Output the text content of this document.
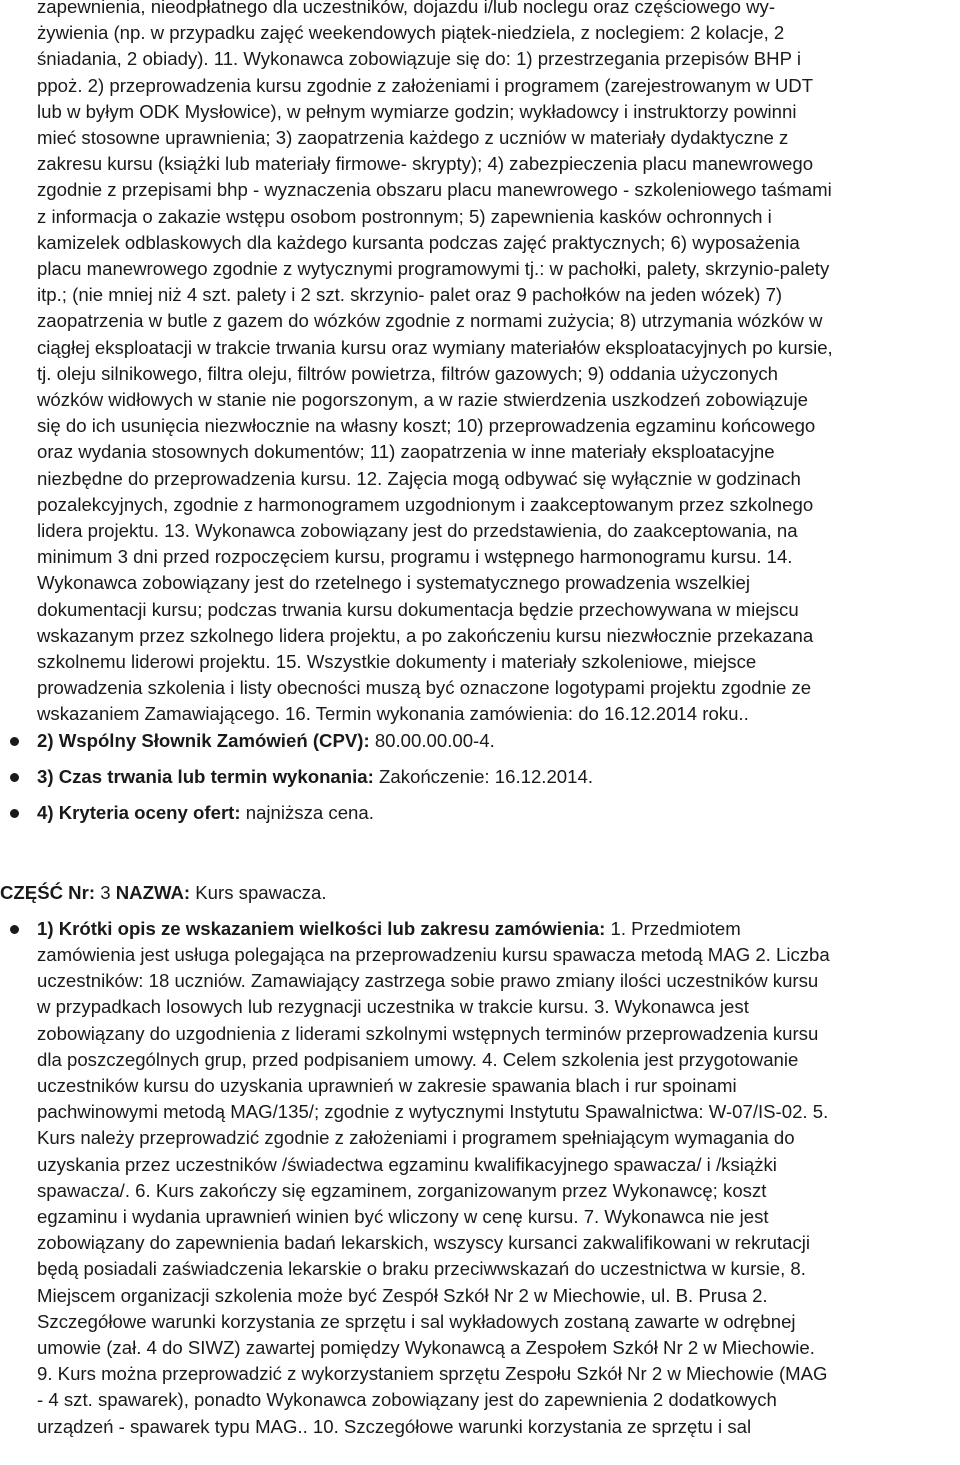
zapewnienia, nieodpłatnego dla uczestników, dojazdu i/lub noclegu oraz częściowego wy-
żywienia (np. w przypadku zajęć weekendowych piątek-niedziela, z noclegiem: 2 kolacje, 2
śniadania, 2 obiady). 11. Wykonawca zobowiązuje się do: 1) przestrzegania przepisów BHP i
ppoż. 2) przeprowadzenia kursu zgodnie z założeniami i programem (zarejestrowanym w UDT
lub w byłym ODK Mysłowice), w pełnym wymiarze godzin; wykładowcy i instruktorzy powinni
mieć stosowne uprawnienia; 3) zaopatrzenia każdego z uczniów w materiały dydaktyczne z
zakresu kursu (książki lub materiały firmowe- skrypty); 4) zabezpieczenia placu manewrowego
zgodnie z przepisami bhp - wyznaczenia obszaru placu manewrowego - szkoleniowego taśmami
z informacja o zakazie wstępu osobom postronnym; 5) zapewnienia kasków ochronnych i
kamizelek odblaskowych dla każdego kursanta podczas zajęć praktycznych; 6) wyposażenia
placu manewrowego zgodnie z wytycznymi programowymi tj.: w pachołki, palety, skrzynio-palety
itp.; (nie mniej niż 4 szt. palety i 2 szt. skrzynio- palet oraz 9 pachołków na jeden wózek) 7)
zaopatrzenia w butle z gazem do wózków zgodnie z normami zużycia; 8) utrzymania wózków w
ciągłej eksploatacji w trakcie trwania kursu oraz wymiany materiałów eksploatacyjnych po kursie,
tj. oleju silnikowego, filtra oleju, filtrów powietrza, filtrów gazowych; 9) oddania użyczonych
wózków widłowych w stanie nie pogorszonym, a w razie stwierdzenia uszkodzeń zobowiązuje
się do ich usunięcia niezwłocznie na własny koszt; 10) przeprowadzenia egzaminu końcowego
oraz wydania stosownych dokumentów; 11) zaopatrzenia w inne materiały eksploatacyjne
niezbędne do przeprowadzenia kursu. 12. Zajęcia mogą odbywać się wyłącznie w godzinach
pozalekcyjnych, zgodnie z harmonogramem uzgodnionym i zaakceptowanym przez szkolnego
lidera projektu. 13. Wykonawca zobowiązany jest do przedstawienia, do zaakceptowania, na
minimum 3 dni przed rozpoczęciem kursu, programu i wstępnego harmonogramu kursu. 14.
Wykonawca zobowiązany jest do rzetelnego i systematycznego prowadzenia wszelkiej
dokumentacji kursu; podczas trwania kursu dokumentacja będzie przechowywana w miejscu
wskazanym przez szkolnego lidera projektu, a po zakończeniu kursu niezwłocznie przekazana
szkolnemu liderowi projektu. 15. Wszystkie dokumenty i materiały szkoleniowe, miejsce
prowadzenia szkolenia i listy obecności muszą być oznaczone logotypami projektu zgodnie ze
wskazaniem Zamawiającego. 16. Termin wykonania zamówienia: do 16.12.2014 roku..
2) Wspólny Słownik Zamówień (CPV): 80.00.00.00-4.
3) Czas trwania lub termin wykonania: Zakończenie: 16.12.2014.
4) Kryteria oceny ofert: najniższa cena.
CZĘŚĆ Nr: 3 NAZWA: Kurs spawacza.
1) Krótki opis ze wskazaniem wielkości lub zakresu zamówienia: 1. Przedmiotem
zamówienia jest usługa polegająca na przeprowadzeniu kursu spawacza metodą MAG 2. Liczba
uczestników: 18 uczniów. Zamawiający zastrzega sobie prawo zmiany ilości uczestników kursu
w przypadkach losowych lub rezygnacji uczestnika w trakcie kursu. 3. Wykonawca jest
zobowiązany do uzgodnienia z liderami szkolnymi wstępnych terminów przeprowadzenia kursu
dla poszczególnych grup, przed podpisaniem umowy. 4. Celem szkolenia jest przygotowanie
uczestników kursu do uzyskania uprawnień w zakresie spawania blach i rur spoinami
pachwinowymi metodą MAG/135/; zgodnie z wytycznymi Instytutu Spawalnictwa: W-07/IS-02. 5.
Kurs należy przeprowadzić zgodnie z założeniami i programem spełniającym wymagania do
uzyskania przez uczestników /świadectwa egzaminu kwalifikacyjnego spawacza/ i /książki
spawacza/. 6. Kurs zakończy się egzaminem, zorganizowanym przez Wykonawcę; koszt
egzaminu i wydania uprawnień winien być wliczony w cenę kursu. 7. Wykonawca nie jest
zobowiązany do zapewnienia badań lekarskich, wszyscy kursanci zakwalifikowani w rekrutacji
będą posiadali zaświadczenia lekarskie o braku przeciwwskazań do uczestnictwa w kursie, 8.
Miejscem organizacji szkolenia może być Zespół Szkół Nr 2 w Miechowie, ul. B. Prusa 2.
Szczegółowe warunki korzystania ze sprzętu i sal wykładowych zostaną zawarte w odrębnej
umowie (zał. 4 do SIWZ) zawartej pomiędzy Wykonawcą a Zespołem Szkół Nr 2 w Miechowie.
9. Kurs można przeprowadzić z wykorzystaniem sprzętu Zespołu Szkół Nr 2 w Miechowie (MAG
- 4 szt. spawarek), ponadto Wykonawca zobowiązany jest do zapewnienia 2 dodatkowych
urządzeń - spawarek typu MAG.. 10. Szczegółowe warunki korzystania ze sprzętu i sal
